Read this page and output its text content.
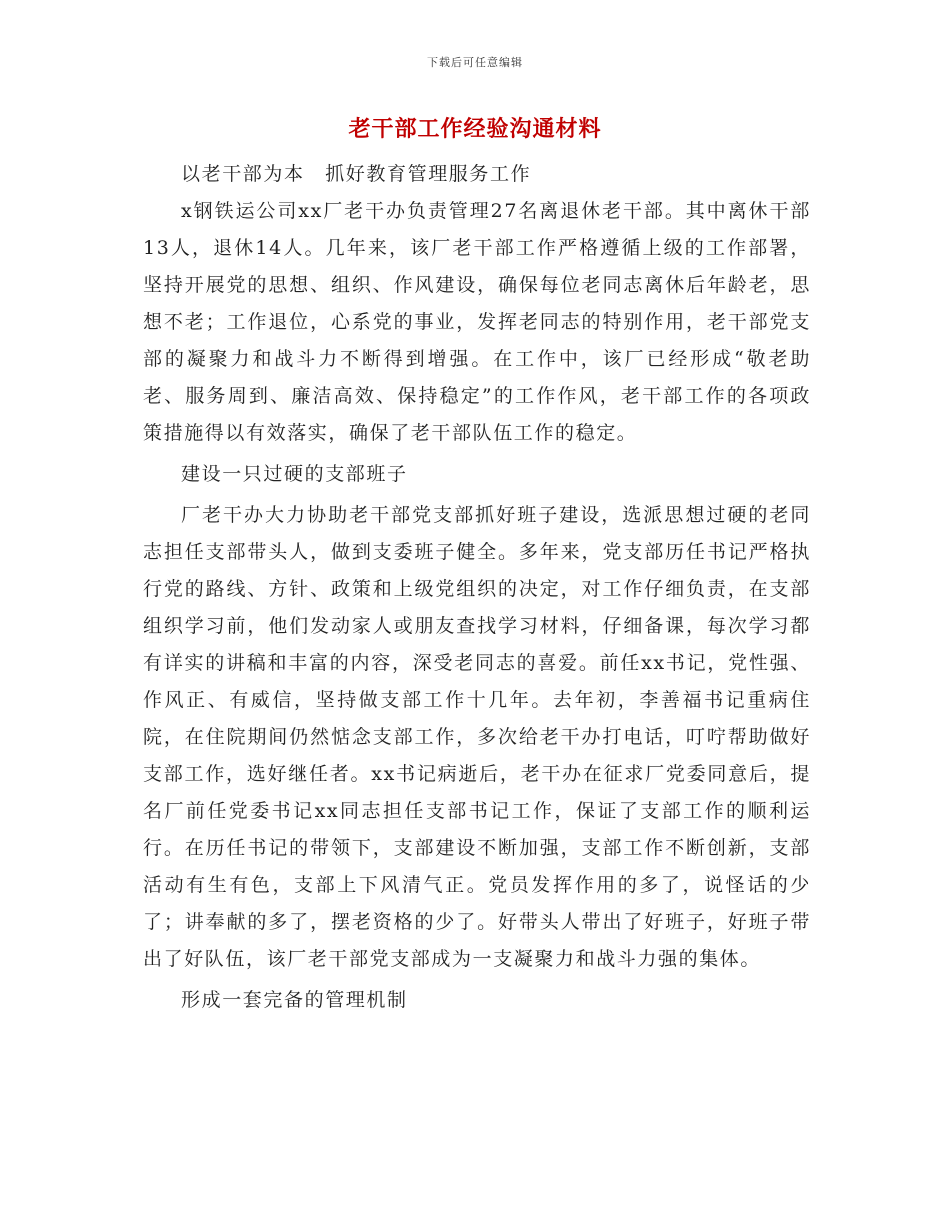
下载后可任意编辑
老干部工作经验沟通材料

以老干部为本　抓好教育管理服务工作

x钢铁运公司xx厂老干办负责管理27名离退休老干部。其中离休干部13人，退休14人。几年来，该厂老干部工作严格遵循上级的工作部署，坚持开展党的思想、组织、作风建设，确保每位老同志离休后年龄老，思想不老；工作退位，心系党的事业，发挥老同志的特别作用，老干部党支部的凝聚力和战斗力不断得到增强。在工作中，该厂已经形成“敬老助老、服务周到、廉洁高效、保持稳定”的工作作风，老干部工作的各项政策措施得以有效落实，确保了老干部队伍工作的稳定。

建设一只过硬的支部班子

厂老干办大力协助老干部党支部抓好班子建设，选派思想过硬的老同志担任支部带头人，做到支委班子健全。多年来，党支部历任书记严格执行党的路线、方针、政策和上级党组织的决定，对工作仔细负责，在支部组织学习前，他们发动家人或朋友查找学习材料，仔细备课，每次学习都有详实的讲稿和丰富的内容，深受老同志的喜爱。前任xx书记，党性强、作风正、有威信，坚持做支部工作十几年。去年初，李善福书记重病住院，在住院期间仍然惦念支部工作，多次给老干办打电话，叮咛帮助做好支部工作，选好继任者。xx书记病逝后，老干办在征求厂党委同意后，提名厂前任党委书记xx同志担任支部书记工作，保证了支部工作的顺利运行。在历任书记的带领下，支部建设不断加强，支部工作不断创新，支部活动有生有色，支部上下风清气正。党员发挥作用的多了，说怪话的少了；讲奉献的多了，摆老资格的少了。好带头人带出了好班子，好班子带出了好队伍，该厂老干部党支部成为一支凝聚力和战斗力强的集体。

形成一套完备的管理机制
